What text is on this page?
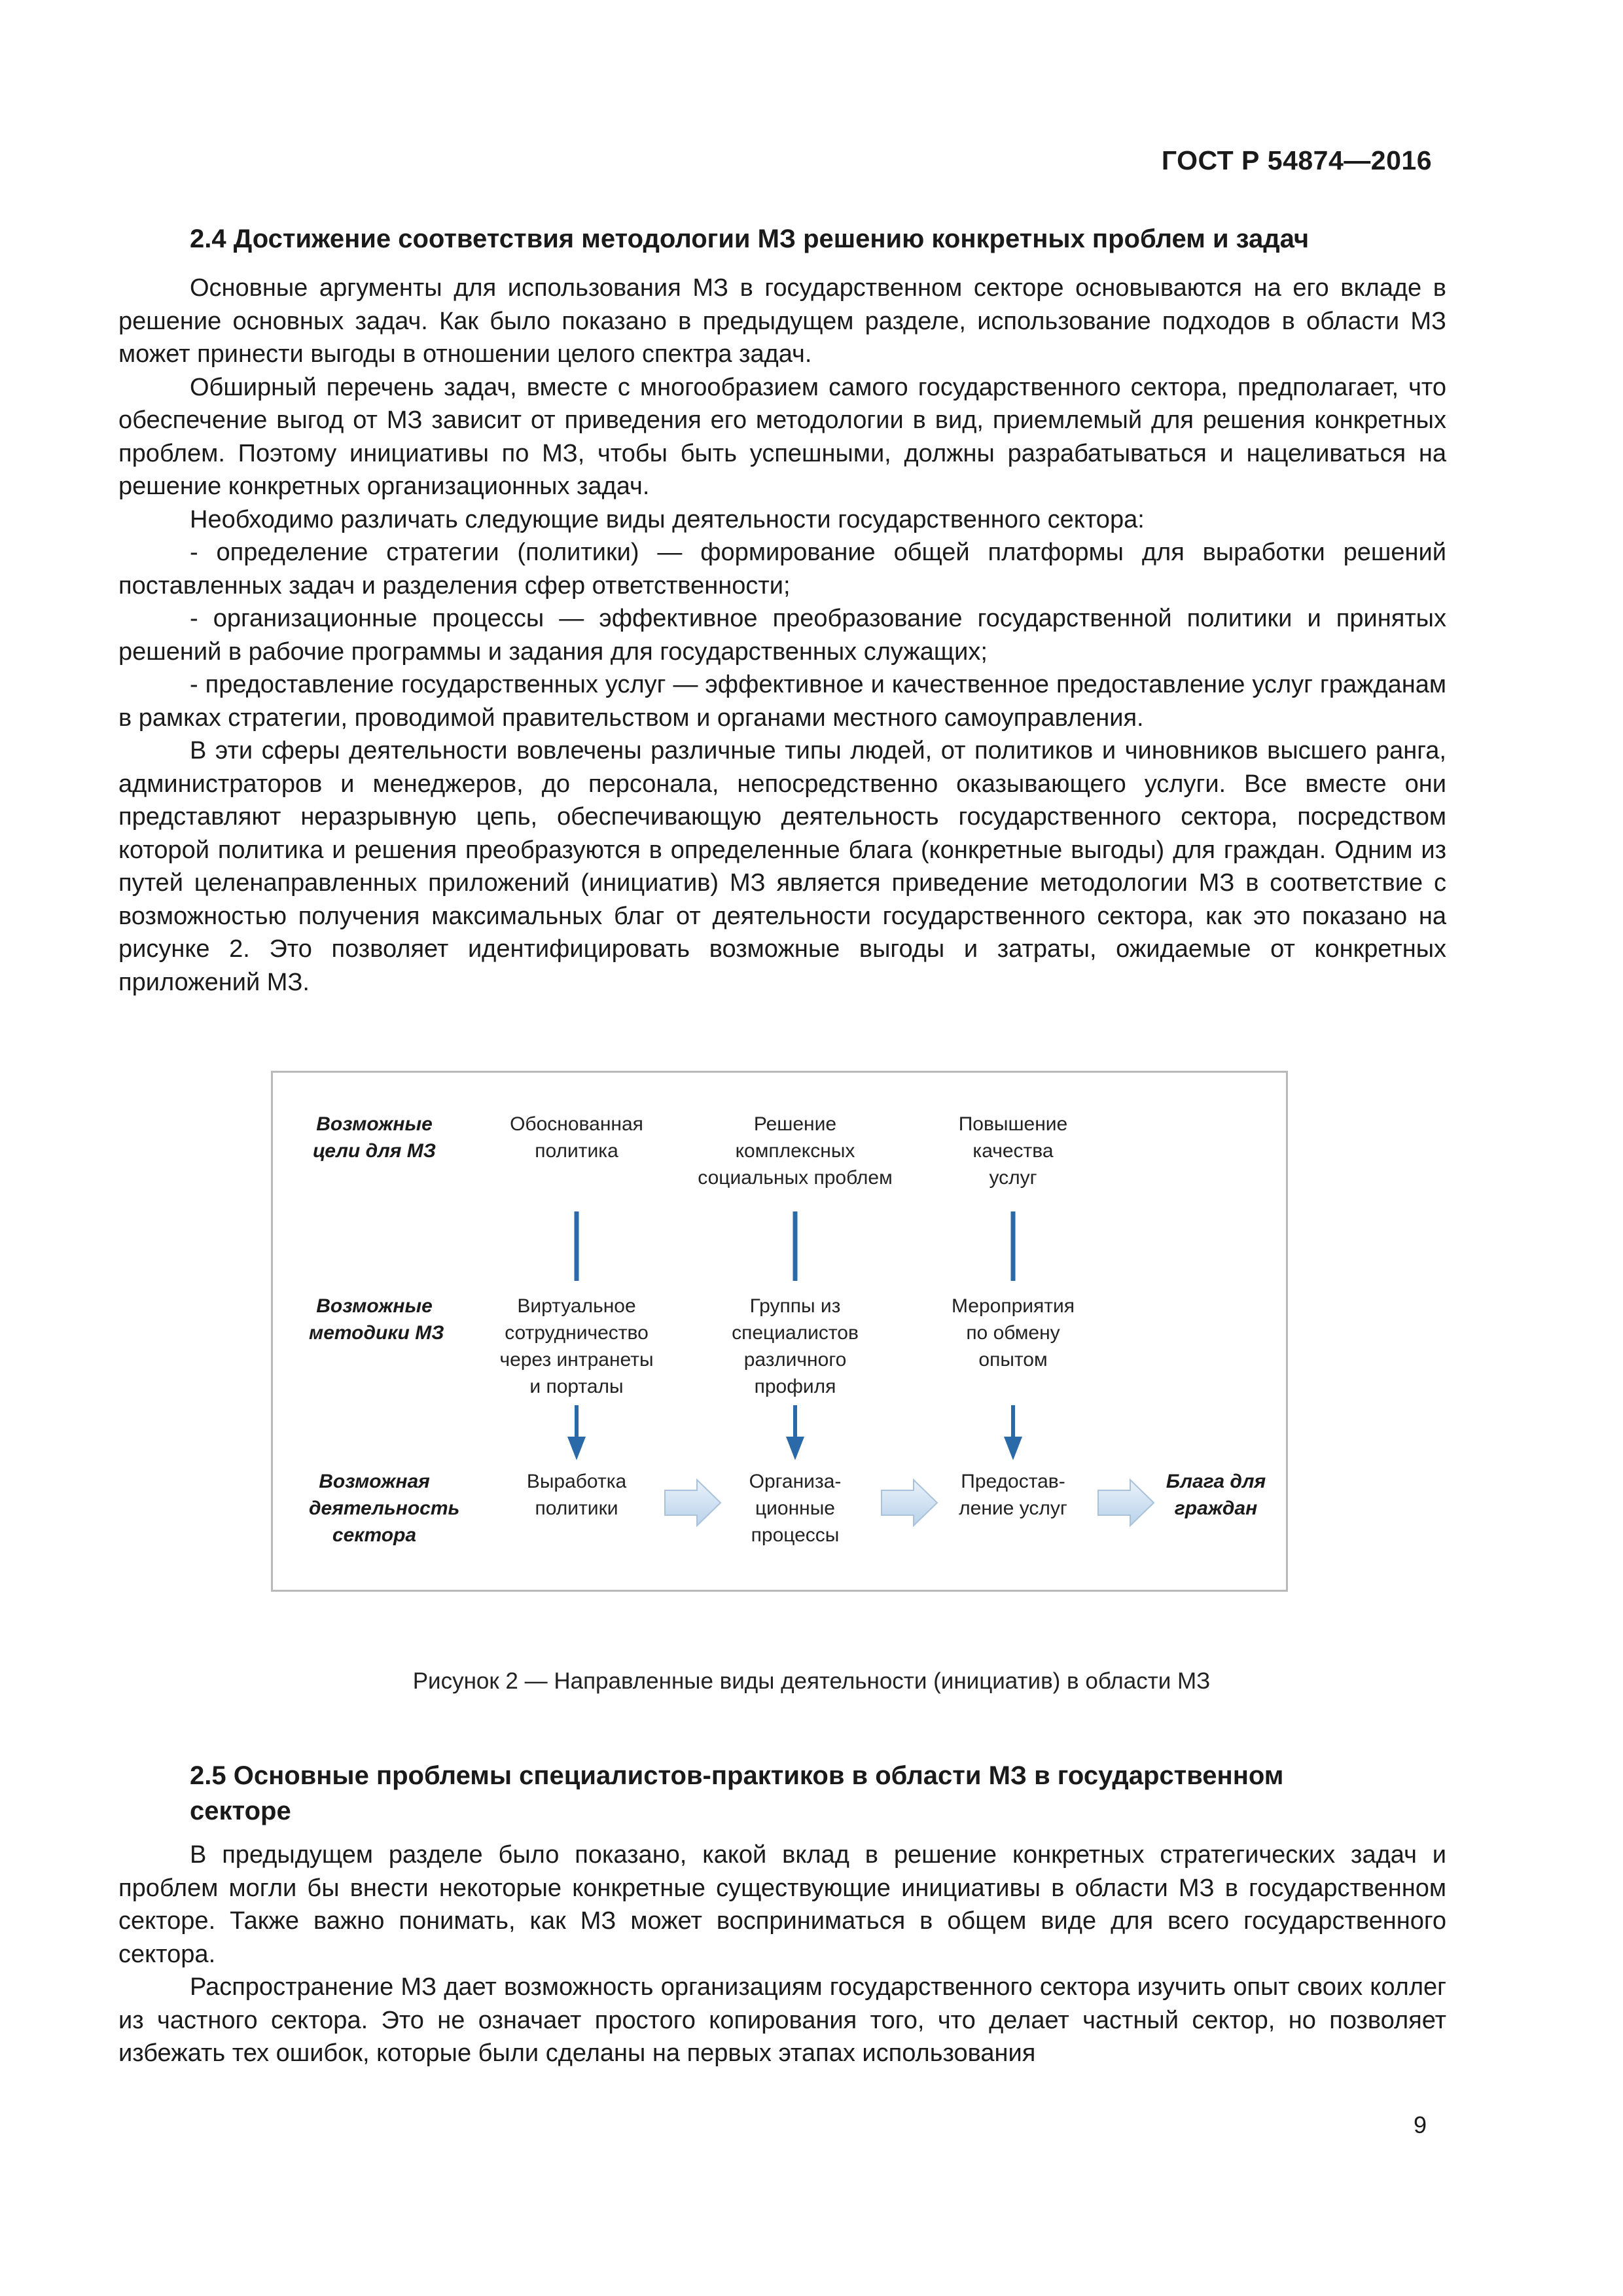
ГОСТ Р 54874—2016
2.4 Достижение соответствия методологии МЗ решению конкретных проблем и задач

Основные аргументы для использования МЗ в государственном секторе основываются на его вкладе в решение основных задач. Как было показано в предыдущем разделе, использование подходов в области МЗ может принести выгоды в отношении целого спектра задач.

Обширный перечень задач, вместе с многообразием самого государственного сектора, предполагает, что обеспечение выгод от МЗ зависит от приведения его методологии в вид, приемлемый для решения конкретных проблем. Поэтому инициативы по МЗ, чтобы быть успешными, должны разрабатываться и нацеливаться на решение конкретных организационных задач.

Необходимо различать следующие виды деятельности государственного сектора:

- определение стратегии (политики) — формирование общей платформы для выработки решений поставленных задач и разделения сфер ответственности;

- организационные процессы — эффективное преобразование государственной политики и принятых решений в рабочие программы и задания для государственных служащих;

- предоставление государственных услуг — эффективное и качественное предоставление услуг гражданам в рамках стратегии, проводимой правительством и органами местного самоуправления.

В эти сферы деятельности вовлечены различные типы людей, от политиков и чиновников высшего ранга, администраторов и менеджеров, до персонала, непосредственно оказывающего услуги. Все вместе они представляют неразрывную цепь, обеспечивающую деятельность государственного сектора, посредством которой политика и решения преобразуются в определенные блага (конкретные выгоды) для граждан. Одним из путей целенаправленных приложений (инициатив) МЗ является приведение методологии МЗ в соответствие с возможностью получения максимальных благ от деятельности государственного сектора, как это показано на рисунке 2. Это позволяет идентифицировать возможные выгоды и затраты, ожидаемые от конкретных приложений МЗ.

Возможные
цели для МЗ
Обоснованная
политика
Решение
комплексных
социальных проблем
Повышение
качества
услуг
Возможные
методики МЗ
Виртуальное
сотрудничество
через интранеты
и порталы
Группы из
специалистов
различного
профиля
Мероприятия
по обмену
опытом
Возможная
деятельность
сектора
Выработка
политики
Организа-
ционные
процессы
Предостав-
ление услуг
Блага для
граждан
Рисунок 2 — Направленные виды деятельности (инициатив) в области МЗ
2.5 Основные проблемы специалистов-практиков в области МЗ в государственном
секторе

В предыдущем разделе было показано, какой вклад в решение конкретных стратегических задач и проблем могли бы внести некоторые конкретные существующие инициативы в области МЗ в государственном секторе. Также важно понимать, как МЗ может восприниматься в общем виде для всего государственного сектора.

Распространение МЗ дает возможность организациям государственного сектора изучить опыт своих коллег из частного сектора. Это не означает простого копирования того, что делает частный сектор, но позволяет избежать тех ошибок, которые были сделаны на первых этапах использования

9
